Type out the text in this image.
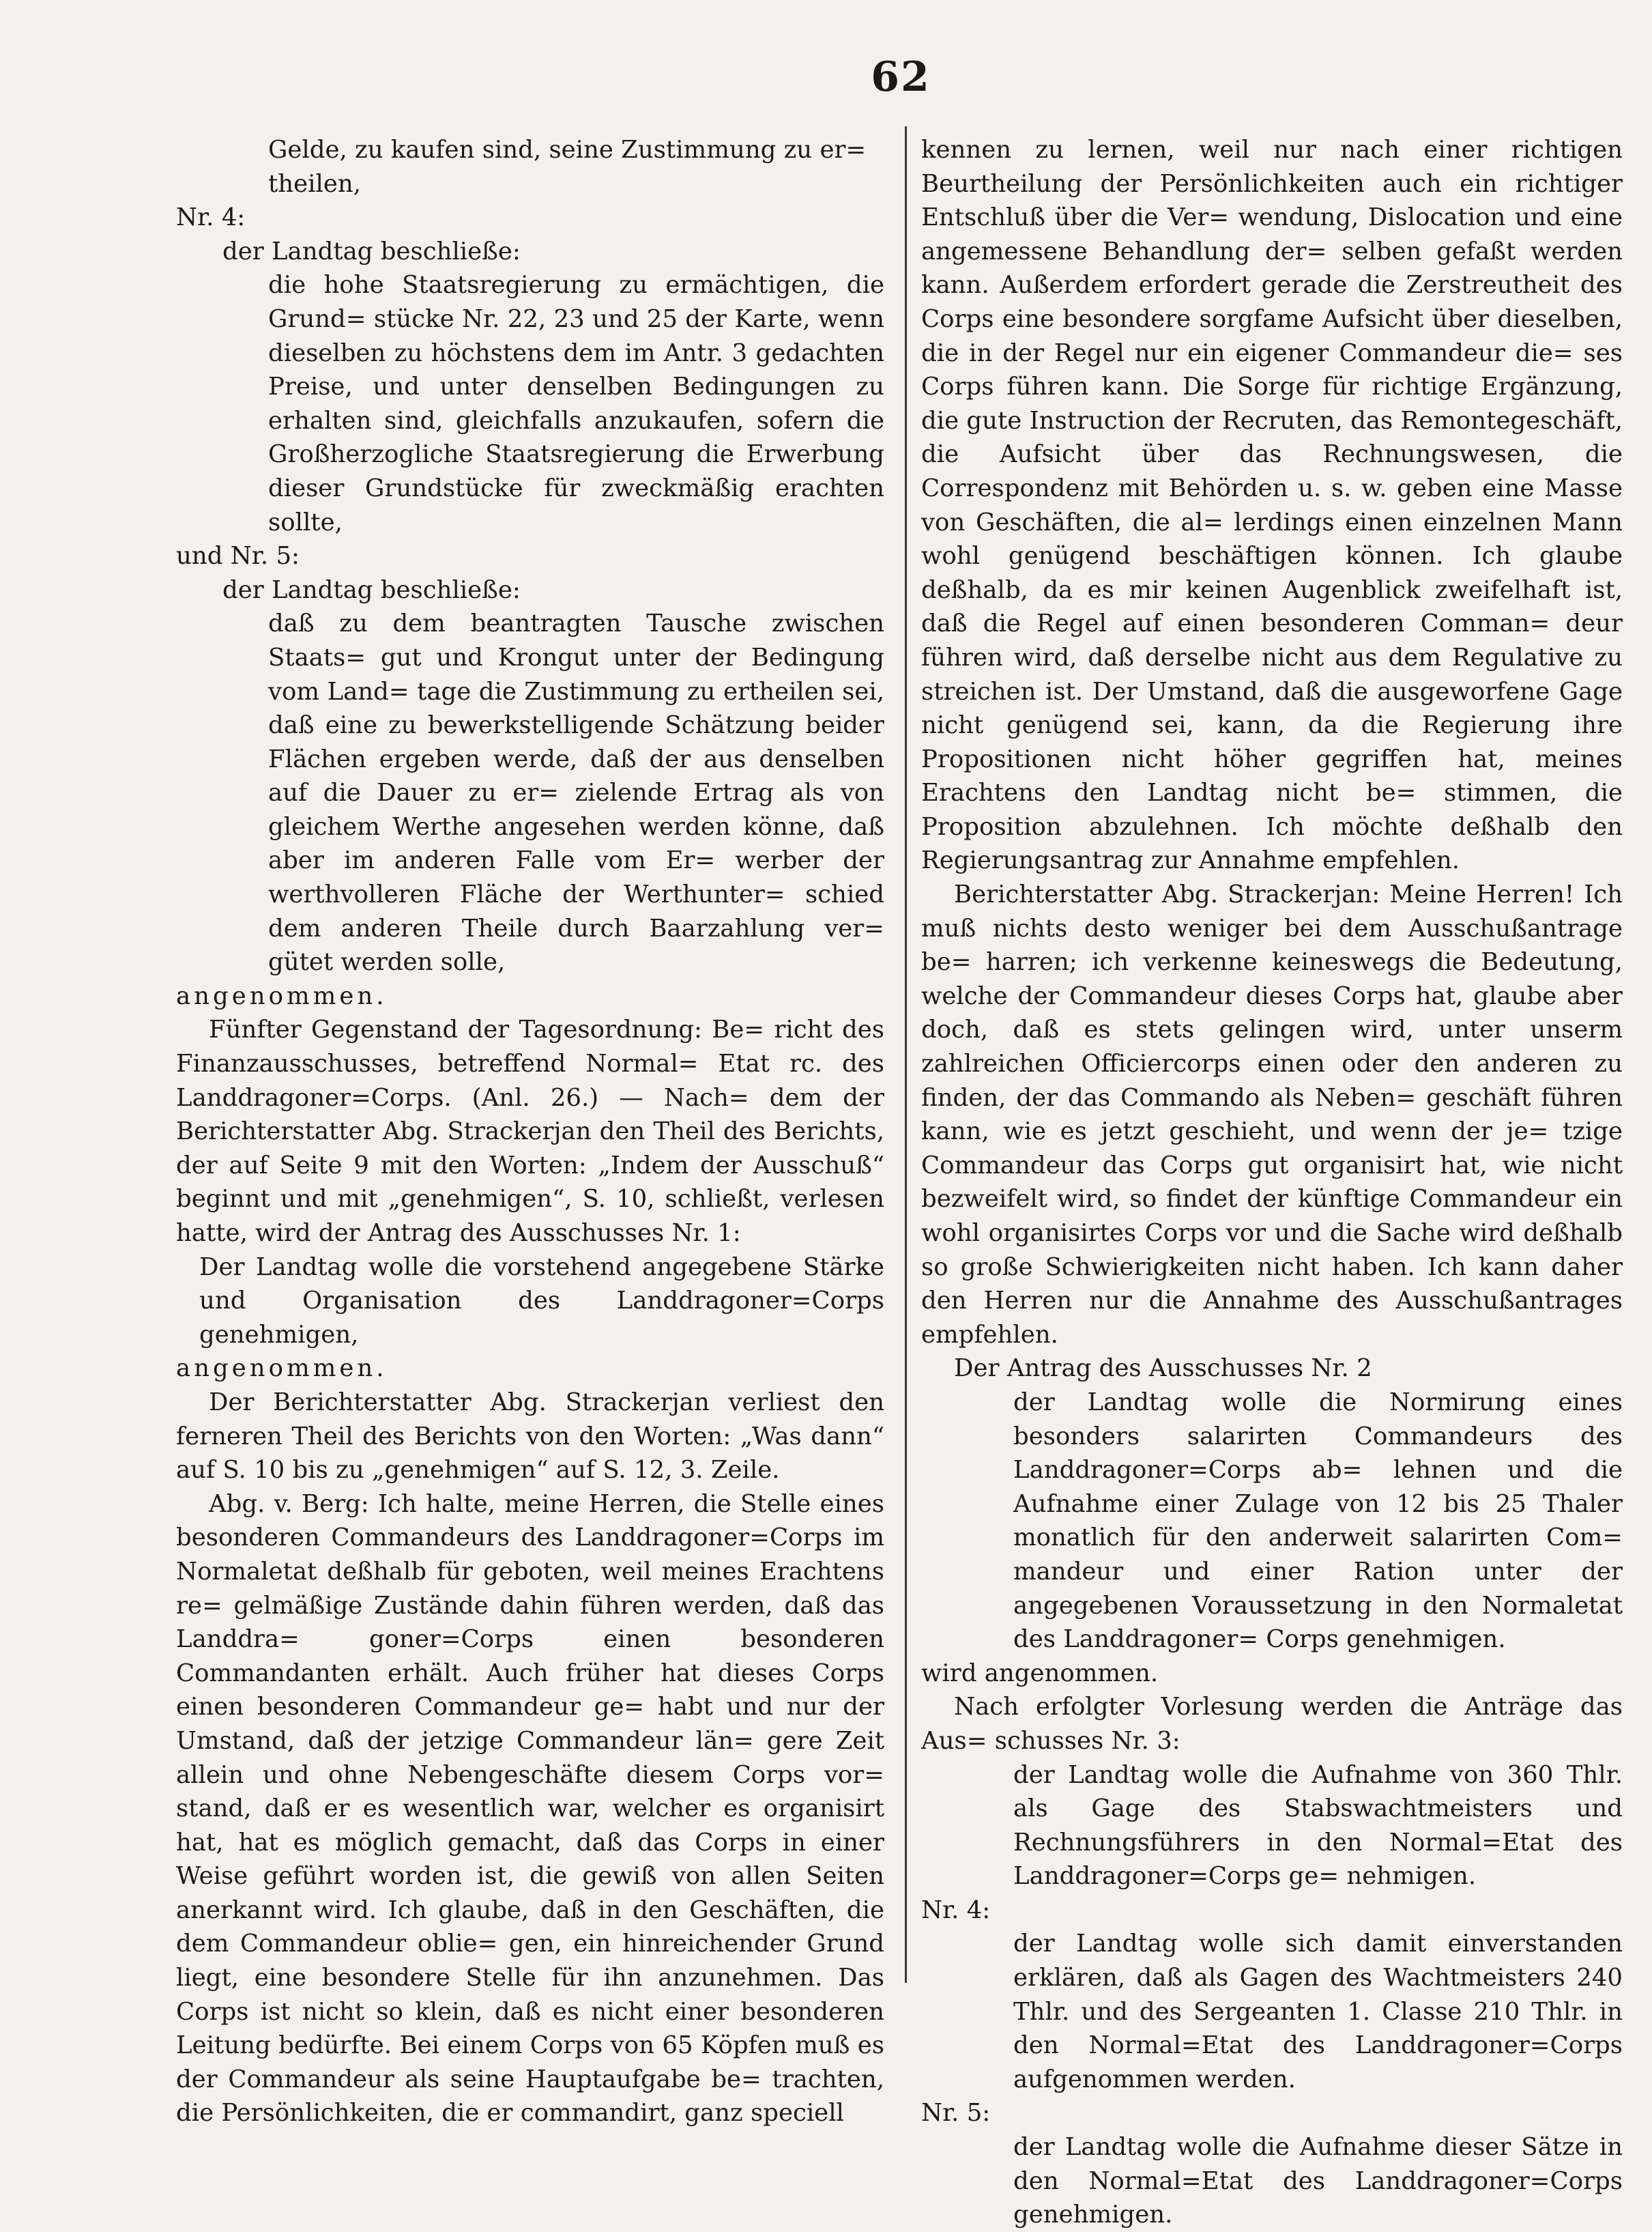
62

Gelde, zu kaufen sind, seine Zustimmung zu er=

theilen,

Nr. 4:

der Landtag beschließe:

die hohe Staatsregierung zu ermächtigen, die Grund= stücke Nr. 22, 23 und 25 der Karte, wenn dieselben zu höchstens dem im Antr. 3 gedachten Preise, und unter denselben Bedingungen zu erhalten sind, gleichfalls anzukaufen, sofern die Großherzogliche Staatsregierung die Erwerbung dieser Grundstücke für zweckmäßig erachten sollte,

und Nr. 5:

der Landtag beschließe:

daß zu dem beantragten Tausche zwischen Staats= gut und Krongut unter der Bedingung vom Land= tage die Zustimmung zu ertheilen sei, daß eine zu bewerkstelligende Schätzung beider Flächen ergeben werde, daß der aus denselben auf die Dauer zu er= zielende Ertrag als von gleichem Werthe angesehen werden könne, daß aber im anderen Falle vom Er= werber der werthvolleren Fläche der Werthunter= schied dem anderen Theile durch Baarzahlung ver= gütet werden solle,

angenommen.

Fünfter Gegenstand der Tagesordnung: Be= richt des Finanzausschusses, betreffend Normal= Etat rc. des Landdragoner=Corps. (Anl. 26.) — Nach= dem der Berichterstatter Abg. Strackerjan den Theil des Berichts, der auf Seite 9 mit den Worten: „Indem der Ausschuß“ beginnt und mit „genehmigen“, S. 10, schließt, verlesen hatte, wird der Antrag des Ausschusses Nr. 1:

Der Landtag wolle die vorstehend angegebene Stärke und Organisation des Landdragoner=Corps genehmigen,

angenommen.

Der Berichterstatter Abg. Strackerjan verliest den ferneren Theil des Berichts von den Worten: „Was dann“ auf S. 10 bis zu „genehmigen“ auf S. 12, 3. Zeile.

Abg. v. Berg: Ich halte, meine Herren, die Stelle eines besonderen Commandeurs des Landdragoner=Corps im Normaletat deßhalb für geboten, weil meines Erachtens re= gelmäßige Zustände dahin führen werden, daß das Landdra= goner=Corps einen besonderen Commandanten erhält. Auch früher hat dieses Corps einen besonderen Commandeur ge= habt und nur der Umstand, daß der jetzige Commandeur län= gere Zeit allein und ohne Nebengeschäfte diesem Corps vor= stand, daß er es wesentlich war, welcher es organisirt hat, hat es möglich gemacht, daß das Corps in einer Weise geführt worden ist, die gewiß von allen Seiten anerkannt wird. Ich glaube, daß in den Geschäften, die dem Commandeur oblie= gen, ein hinreichender Grund liegt, eine besondere Stelle für ihn anzunehmen. Das Corps ist nicht so klein, daß es nicht einer besonderen Leitung bedürfte. Bei einem Corps von 65 Köpfen muß es der Commandeur als seine Hauptaufgabe be= trachten, die Persönlichkeiten, die er commandirt, ganz speciell

kennen zu lernen, weil nur nach einer richtigen Beurtheilung der Persönlichkeiten auch ein richtiger Entschluß über die Ver= wendung, Dislocation und eine angemessene Behandlung der= selben gefaßt werden kann. Außerdem erfordert gerade die Zerstreutheit des Corps eine besondere sorgfame Aufsicht über dieselben, die in der Regel nur ein eigener Commandeur die= ses Corps führen kann. Die Sorge für richtige Ergänzung, die gute Instruction der Recruten, das Remontegeschäft, die Aufsicht über das Rechnungswesen, die Correspondenz mit Behörden u. s. w. geben eine Masse von Geschäften, die al= lerdings einen einzelnen Mann wohl genügend beschäftigen können. Ich glaube deßhalb, da es mir keinen Augenblick zweifelhaft ist, daß die Regel auf einen besonderen Comman= deur führen wird, daß derselbe nicht aus dem Regulative zu streichen ist. Der Umstand, daß die ausgeworfene Gage nicht genügend sei, kann, da die Regierung ihre Propositionen nicht höher gegriffen hat, meines Erachtens den Landtag nicht be= stimmen, die Proposition abzulehnen. Ich möchte deßhalb den Regierungsantrag zur Annahme empfehlen.

Berichterstatter Abg. Strackerjan: Meine Herren! Ich muß nichts desto weniger bei dem Ausschußantrage be= harren; ich verkenne keineswegs die Bedeutung, welche der Commandeur dieses Corps hat, glaube aber doch, daß es stets gelingen wird, unter unserm zahlreichen Officiercorps einen oder den anderen zu finden, der das Commando als Neben= geschäft führen kann, wie es jetzt geschieht, und wenn der je= tzige Commandeur das Corps gut organisirt hat, wie nicht bezweifelt wird, so findet der künftige Commandeur ein wohl organisirtes Corps vor und die Sache wird deßhalb so große Schwierigkeiten nicht haben. Ich kann daher den Herren nur die Annahme des Ausschußantrages empfehlen.

Der Antrag des Ausschusses Nr. 2

der Landtag wolle die Normirung eines besonders salarirten Commandeurs des Landdragoner=Corps ab= lehnen und die Aufnahme einer Zulage von 12 bis 25 Thaler monatlich für den anderweit salarirten Com= mandeur und einer Ration unter der angegebenen Voraussetzung in den Normaletat des Landdragoner= Corps genehmigen.

wird angenommen.

Nach erfolgter Vorlesung werden die Anträge das Aus= schusses Nr. 3:

der Landtag wolle die Aufnahme von 360 Thlr. als Gage des Stabswachtmeisters und Rechnungsführers in den Normal=Etat des Landdragoner=Corps ge= nehmigen.

Nr. 4:

der Landtag wolle sich damit einverstanden erklären, daß als Gagen des Wachtmeisters 240 Thlr. und des Sergeanten 1. Classe 210 Thlr. in den Normal=Etat des Landdragoner=Corps aufgenommen werden.

Nr. 5:

der Landtag wolle die Aufnahme dieser Sätze in den Normal=Etat des Landdragoner=Corps genehmigen.
